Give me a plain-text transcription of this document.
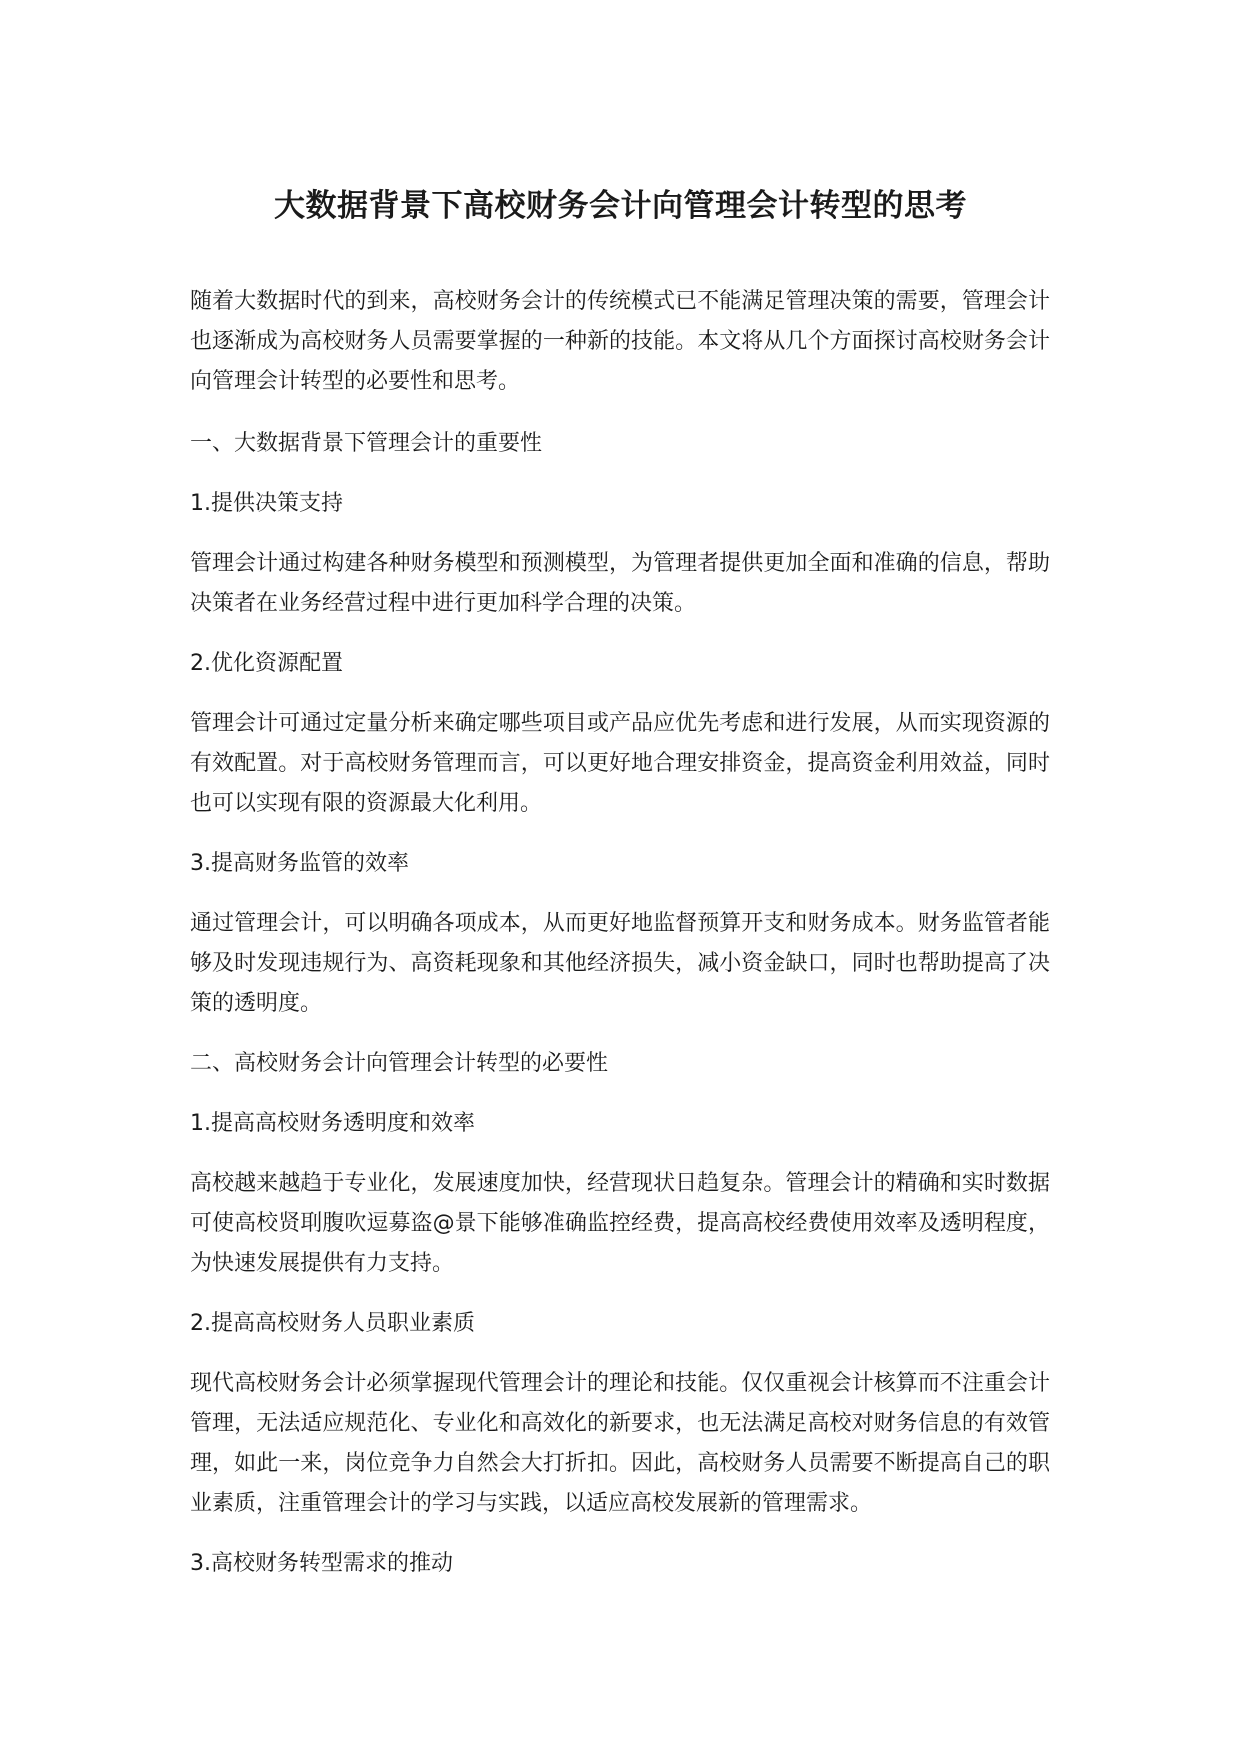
大数据背景下高校财务会计向管理会计转型的思考

随着大数据时代的到来，高校财务会计的传统模式已不能满足管理决策的需要，管理会计也逐渐成为高校财务人员需要掌握的一种新的技能。本文将从几个方面探讨高校财务会计向管理会计转型的必要性和思考。

一、大数据背景下管理会计的重要性

1.提供决策支持

管理会计通过构建各种财务模型和预测模型，为管理者提供更加全面和准确的信息，帮助决策者在业务经营过程中进行更加科学合理的决策。

2.优化资源配置

管理会计可通过定量分析来确定哪些项目或产品应优先考虑和进行发展，从而实现资源的有效配置。对于高校财务管理而言，可以更好地合理安排资金，提高资金利用效益，同时也可以实现有限的资源最大化利用。

3.提高财务监管的效率

通过管理会计，可以明确各项成本，从而更好地监督预算开支和财务成本。财务监管者能够及时发现违规行为、高资耗现象和其他经济损失，减小资金缺口，同时也帮助提高了决策的透明度。

二、高校财务会计向管理会计转型的必要性

1.提高高校财务透明度和效率

高校越来越趋于专业化，发展速度加快，经营现状日趋复杂。管理会计的精确和实时数据可使高校贤刵腹吹逗募盗@景下能够准确监控经费，提高高校经费使用效率及透明程度，为快速发展提供有力支持。

2.提高高校财务人员职业素质

现代高校财务会计必须掌握现代管理会计的理论和技能。仅仅重视会计核算而不注重会计管理，无法适应规范化、专业化和高效化的新要求，也无法满足高校对财务信息的有效管理，如此一来，岗位竞争力自然会大打折扣。因此，高校财务人员需要不断提高自己的职业素质，注重管理会计的学习与实践，以适应高校发展新的管理需求。

3.高校财务转型需求的推动
